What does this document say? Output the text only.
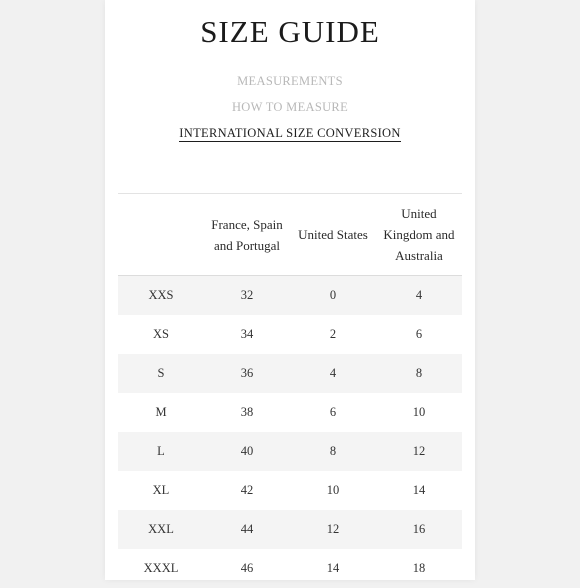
SIZE GUIDE
MEASUREMENTS
HOW TO MEASURE
INTERNATIONAL SIZE CONVERSION
	France, Spain and Portugal	United States	United Kingdom and Australia
XXS	32	0	4
XS	34	2	6
S	36	4	8
M	38	6	10
L	40	8	12
XL	42	10	14
XXL	44	12	16
XXXL	46	14	18
